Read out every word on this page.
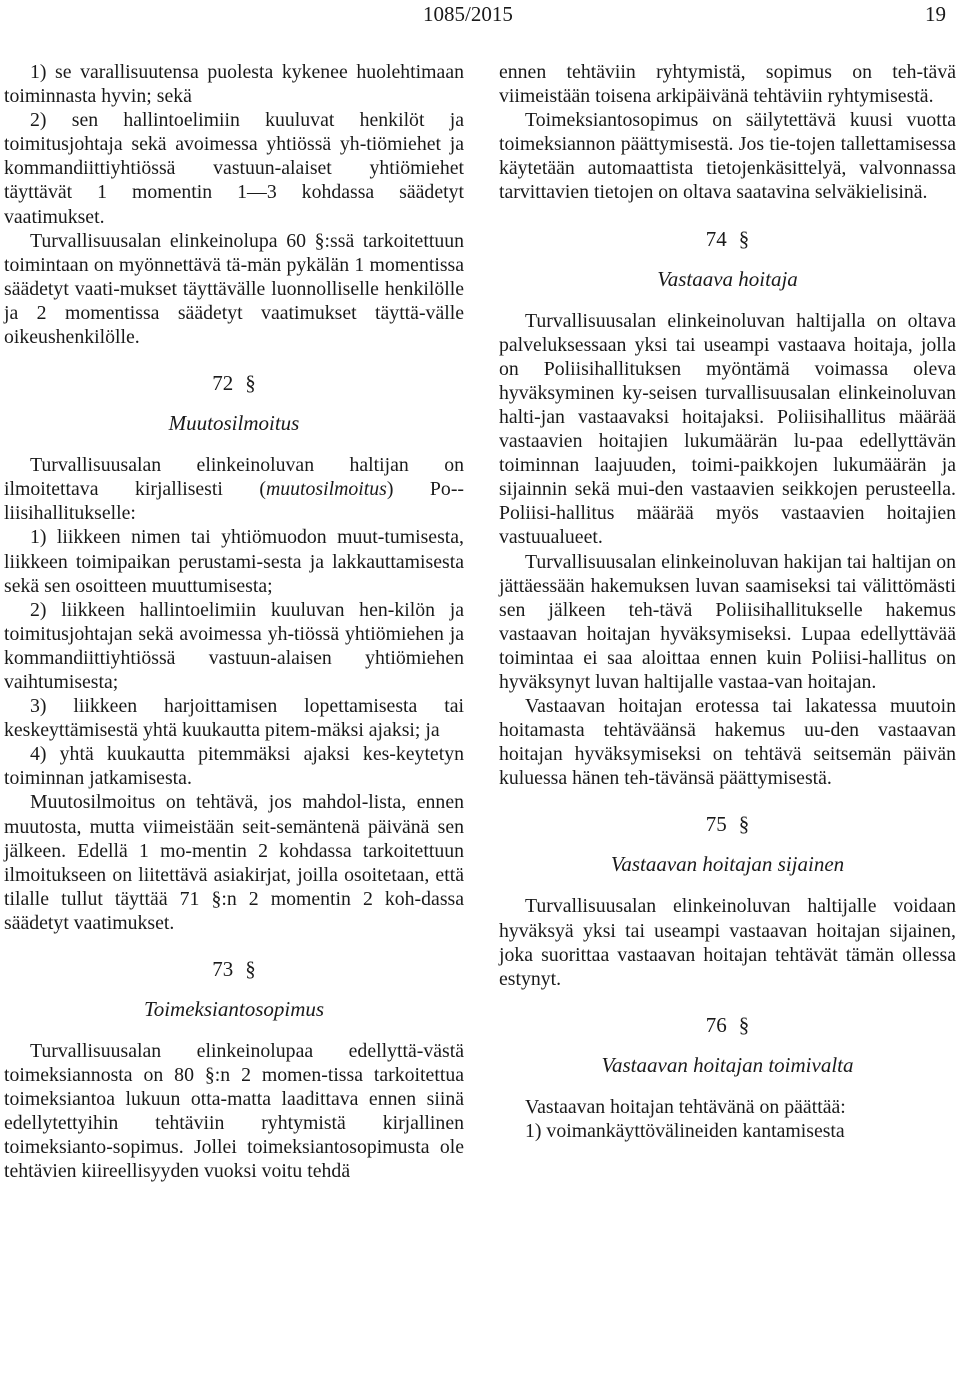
1085/2015	19

1) se varallisuutensa puolesta kykenee huolehtimaan toiminnasta hyvin; sekä

2) sen hallintoelimiin kuuluvat henkilöt ja toimitusjohtaja sekä avoimessa yhtiössä yh-tiömiehet ja kommandiittiyhtiössä vastuun-alaiset yhtiömiehet täyttävät 1 momentin 1—3 kohdassa säädetyt vaatimukset.

Turvallisuusalan elinkeinolupa 60 §:ssä tarkoitettuun toimintaan on myönnettävä tä-män pykälän 1 momentissa säädetyt vaati-mukset täyttävälle luonnolliselle henkilölle ja 2 momentissa säädetyt vaatimukset täyttä-välle oikeushenkilölle.

72 §
Muutosilmoitus

Turvallisuusalan elinkeinoluvan haltijan on ilmoitettava kirjallisesti (muutosilmoitus) Po-liisihallitukselle:

1) liikkeen nimen tai yhtiömuodon muut-tumisesta, liikkeen toimipaikan perustami-sesta ja lakkauttamisesta sekä sen osoitteen muuttumisesta;

2) liikkeen hallintoelimiin kuuluvan hen-kilön ja toimitusjohtajan sekä avoimessa yh-tiössä yhtiömiehen ja kommandiittiyhtiössä vastuun-alaisen yhtiömiehen vaihtumisesta;

3) liikkeen harjoittamisen lopettamisesta tai keskeyttämisestä yhtä kuukautta pitem-mäksi ajaksi; ja

4) yhtä kuukautta pitemmäksi ajaksi kes-keytetyn toiminnan jatkamisesta.

Muutosilmoitus on tehtävä, jos mahdol-lista, ennen muutosta, mutta viimeistään seit-semäntenä päivänä sen jälkeen. Edellä 1 mo-mentin 2 kohdassa tarkoitettuun ilmoitukseen on liitettävä asiakirjat, joilla osoitetaan, että tilalle tullut täyttää 71 §:n 2 momentin 2 koh-dassa säädetyt vaatimukset.

73 §
Toimeksiantosopimus

Turvallisuusalan elinkeinolupaa edellyttä-västä toimeksiannosta on 80 §:n 2 momen-tissa tarkoitettua toimeksiantoa lukuun otta-matta laadittava ennen siinä edellytettyihin tehtäviin ryhtymistä kirjallinen toimeksianto-sopimus. Jollei toimeksiantosopimusta ole tehtävien kiireellisyyden vuoksi voitu tehdä

ennen tehtäviin ryhtymistä, sopimus on teh-tävä viimeistään toisena arkipäivänä tehtäviin ryhtymisestä.

Toimeksiantosopimus on säilytettävä kuusi vuotta toimeksiannon päättymisestä. Jos tie-tojen tallettamisessa käytetään automaattista tietojenkäsittelyä, valvonnassa tarvittavien tietojen on oltava saatavina selväkielisinä.

74 §
Vastaava hoitaja

Turvallisuusalan elinkeinoluvan haltijalla on oltava palveluksessaan yksi tai useampi vastaava hoitaja, jolla on Poliisihallituksen myöntämä voimassa oleva hyväksyminen ky-seisen turvallisuusalan elinkeinoluvan halti-jan vastaavaksi hoitajaksi. Poliisihallitus määrää vastaavien hoitajien lukumäärän lu-paa edellyttävän toiminnan laajuuden, toimi-paikkojen lukumäärän ja sijainnin sekä mui-den vastaavien seikkojen perusteella. Poliisi-hallitus määrää myös vastaavien hoitajien vastuualueet.

Turvallisuusalan elinkeinoluvan hakijan tai haltijan on jättäessään hakemuksen luvan saamiseksi tai välittömästi sen jälkeen teh-tävä Poliisihallitukselle hakemus vastaavan hoitajan hyväksymiseksi. Lupaa edellyttävää toimintaa ei saa aloittaa ennen kuin Poliisi-hallitus on hyväksynyt luvan haltijalle vastaa-van hoitajan.

Vastaavan hoitajan erotessa tai lakatessa muutoin hoitamasta tehtäväänsä hakemus uu-den vastaavan hoitajan hyväksymiseksi on tehtävä seitsemän päivän kuluessa hänen teh-tävänsä päättymisestä.

75 §
Vastaavan hoitajan sijainen

Turvallisuusalan elinkeinoluvan haltijalle voidaan hyväksyä yksi tai useampi vastaavan hoitajan sijainen, joka suorittaa vastaavan hoitajan tehtävät tämän ollessa estynyt.

76 §
Vastaavan hoitajan toimivalta

Vastaavan hoitajan tehtävänä on päättää:

1) voimankäyttövälineiden kantamisesta
